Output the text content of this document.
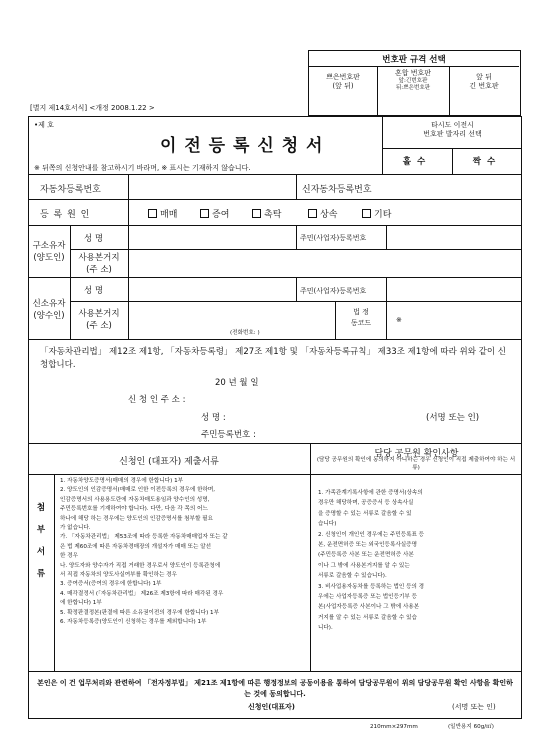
번호판 규격 선택
쁘은번호판
(앞 뒤)
혼합 번호판
앞:긴번호판
뒤:쁘은번호판
앞 뒤
긴 번호판
[별지 제14호서식] <개정 2008.1.22 >
•제 호
이 전 등 록 신 청 서
※ 뒤쪽의 신청안내를 참고하시기 바라며, ※ 표시는 기재하지 않습니다.
타시도 이전시
번호판 발자리 선택
홀수	짝수
자동차등록번호	신자동차등록번호
등 록 원 인	매매	증여	촉탁	상속	기타
구소유자
(양도인)
성 명	주민(사업자)등록번호
사용본거지
(주 소)
신소유자
(양수인)
성 명	주민(사업자)등록번호
사용본거지
(주 소)
(전화번호: )
법 정
동코드	※
「자동차관리법」 제12조 제1항, 「자동차등록령」 제27조 제1항 및 「자동차등록규칙」 제33조 제1항에 따라 위와 같이 신청합니다.
20 년 월 일
신 청 인 주 소 :
성 명 :
주민등록번호 :
(서명 또는 인)
신청인 (대표자) 제출서류
담당 공무원 확인사항
(담당 공무원의 확인에 동의하지 아니하는 경우 신청인이 직접 제출하여야 하는 서류)
첨

부

서

류
1. 자동차양도증명서(매매의 경우에 한합니다) 1부
2. 양도인의 인감증명서(매매로 인한 이전등록의 경우에 한하며,
인감증명서의 사용용도란에 자동차매도용임과 양수인의 성명,
주민등록번호를 기재하여야 합니다). 다만, 다음 각 목의 어느
하나에 해당 하는 경우에는 양도인의 인감증명서를 첨부할 필요
가 없습니다.
가. 「자동차관리법」 제53조에 따라 등록한 자동차매매업자 또는 같
은 법 제60조에 따른 자동차경매장의 개설자가 매매 또는 알선
한 경우
나. 양도자와 양수자가 직접 거래한 경우로서 양도인이 등록관청에
서 직접 자동차의 양도사실여부를 확인하는 경우
3. 증여증서(증여의 경우에 한합니다) 1부
4. 매각결정서 (「자동차관리법」 제26조 제3항에 따라 매각된 경우
에 한합니다) 1부
5. 확정판결정본(판결에 따른 소유권이전의 경우에 한합니다) 1부
6. 자동차등록증(양도인이 신청하는 경우를 제외합니다) 1부
1. 가족관계기록사항에 관한 증명서(상속의
경우만 해당하며, 공증증서 등 상속사실
을 증명할 수 있는 서류로 갈음할 수 있
습니다)
2. 신청인이 개인인 경우에는 주민등록표 등
본, 운전면허증 또는 외국인등록사실증명
(주민등록증 사본 또는 운전면허증 사본
이나 그 밖에 사용본거지를 알 수 있는
서류로 갈음할 수 있습니다).
3. 비사업용자동차를 등록하는 법인 등의 경
우에는 사업자등록증 또는 법인등기부 등
본(사업자등록증 사본이나 그 밖에 사용본
거지를 알 수 있는 서류로 갈음할 수 있습
니다).
본인은 이 건 업무처리와 관련하여 「전자정부법」 제21조 제1항에 따른 행정정보의 공동이용을 통하여 담당공무원이 위의 담당공무원 확인 사항을 확인하는 것에 동의합니다.
신청인(대표자)	(서명 또는 인)
210mm×297mm	(일반용지 60g/㎡)
